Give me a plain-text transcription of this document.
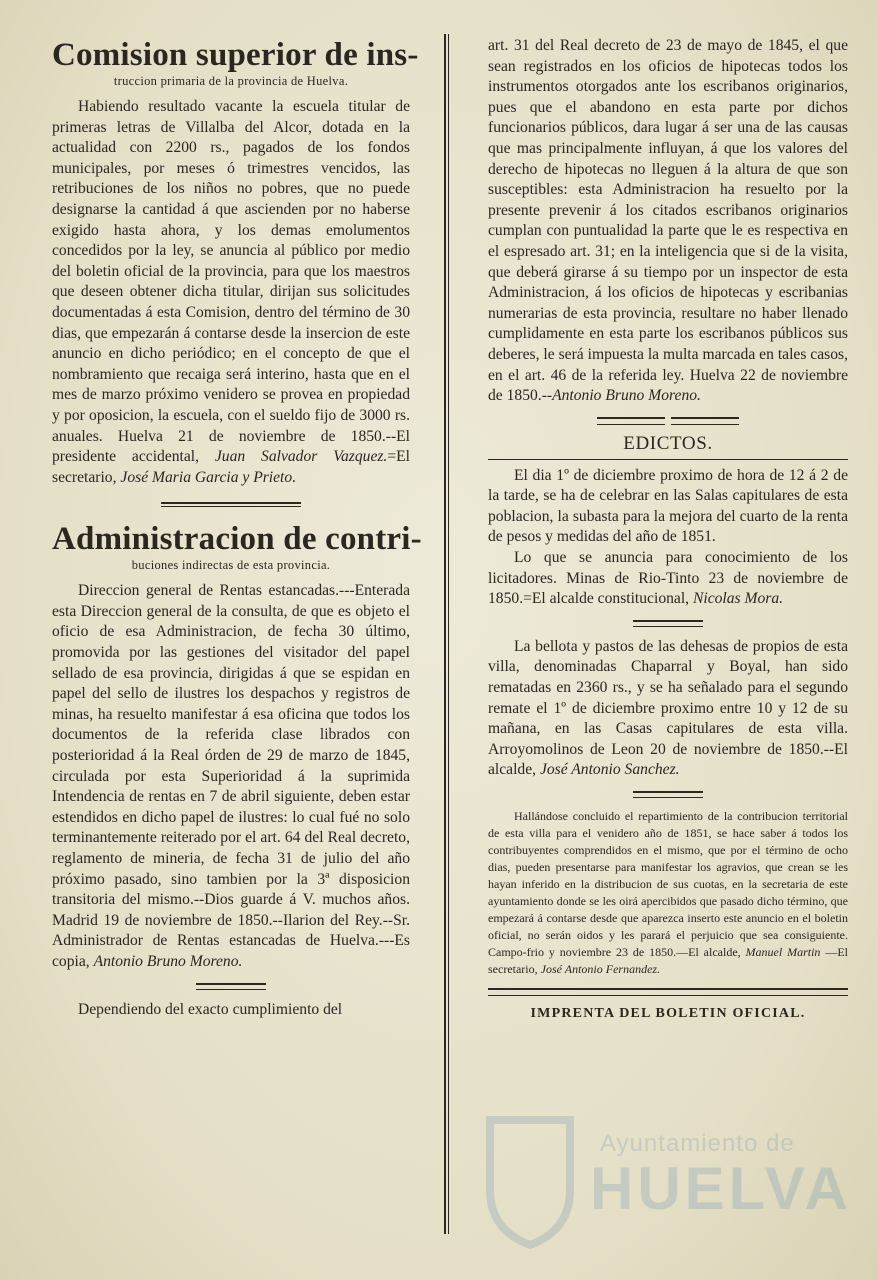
Comision superior de ins-
truccion primaria de la provincia de Huelva.

Habiendo resultado vacante la escuela titular de primeras letras de Villalba del Alcor, dotada en la actualidad con 2200 rs., pagados de los fondos municipales, por meses ó trimestres vencidos, las retribuciones de los niños no pobres, que no puede designarse la cantidad á que ascienden por no haberse exigido hasta ahora, y los demas emolumentos concedidos por la ley, se anuncia al público por medio del boletin oficial de la provincia, para que los maestros que deseen obtener dicha titular, dirijan sus solicitudes documentadas á esta Comision, dentro del término de 30 dias, que empezarán á contarse desde la insercion de este anuncio en dicho periódico; en el concepto de que el nombramiento que recaiga será interino, hasta que en el mes de marzo próximo venidero se provea en propiedad y por oposicion, la escuela, con el sueldo fijo de 3000 rs. anuales. Huelva 21 de noviembre de 1850.--El presidente accidental, Juan Salvador Vazquez.=El secretario, José Maria Garcia y Prieto.

Administracion de contri-
buciones indirectas de esta provincia.

Direccion general de Rentas estancadas.---Enterada esta Direccion general de la consulta, de que es objeto el oficio de esa Administracion, de fecha 30 último, promovida por las gestiones del visitador del papel sellado de esa provincia, dirigidas á que se espidan en papel del sello de ilustres los despachos y registros de minas, ha resuelto manifestar á esa oficina que todos los documentos de la referida clase librados con posterioridad á la Real órden de 29 de marzo de 1845, circulada por esta Superioridad á la suprimida Intendencia de rentas en 7 de abril siguiente, deben estar estendidos en dicho papel de ilustres: lo cual fué no solo terminantemente reiterado por el art. 64 del Real decreto, reglamento de mineria, de fecha 31 de julio del año próximo pasado, sino tambien por la 3ª disposicion transitoria del mismo.--Dios guarde á V. muchos años. Madrid 19 de noviembre de 1850.--Ilarion del Rey.--Sr. Administrador de Rentas estancadas de Huelva.---Es copia, Antonio Bruno Moreno.

Dependiendo del exacto cumplimiento del

art. 31 del Real decreto de 23 de mayo de 1845, el que sean registrados en los oficios de hipotecas todos los instrumentos otorgados ante los escribanos originarios, pues que el abandono en esta parte por dichos funcionarios públicos, dara lugar á ser una de las causas que mas principalmente influyan, á que los valores del derecho de hipotecas no lleguen á la altura de que son susceptibles: esta Administracion ha resuelto por la presente prevenir á los citados escribanos originarios cumplan con puntualidad la parte que le es respectiva en el espresado art. 31; en la inteligencia que si de la visita, que deberá girarse á su tiempo por un inspector de esta Administracion, á los oficios de hipotecas y escribanias numerarias de esta provincia, resultare no haber llenado cumplidamente en esta parte los escribanos públicos sus deberes, le será impuesta la multa marcada en tales casos, en el art. 46 de la referida ley. Huelva 22 de noviembre de 1850.--Antonio Bruno Moreno.

EDICTOS.

El dia 1º de diciembre proximo de hora de 12 á 2 de la tarde, se ha de celebrar en las Salas capitulares de esta poblacion, la subasta para la mejora del cuarto de la renta de pesos y medidas del año de 1851.

Lo que se anuncia para conocimiento de los licitadores. Minas de Rio-Tinto 23 de noviembre de 1850.=El alcalde constitucional, Nicolas Mora.

La bellota y pastos de las dehesas de propios de esta villa, denominadas Chaparral y Boyal, han sido rematadas en 2360 rs., y se ha señalado para el segundo remate el 1º de diciembre proximo entre 10 y 12 de su mañana, en las Casas capitulares de esta villa. Arroyomolinos de Leon 20 de noviembre de 1850.--El alcalde, José Antonio Sanchez.

Hallándose concluido el repartimiento de la contribucion territorial de esta villa para el venidero año de 1851, se hace saber á todos los contribuyentes comprendidos en el mismo, que por el término de ocho dias, pueden presentarse para manifestar los agravios, que crean se les hayan inferido en la distribucion de sus cuotas, en la secretaria de este ayuntamiento donde se les oirá apercibidos que pasado dicho término, que empezará á contarse desde que aparezca inserto este anuncio en el boletin oficial, no serán oidos y les parará el perjuicio que sea consiguiente. Campo-frio y noviembre 23 de 1850.—El alcalde, Manuel Martin —El secretario, José Antonio Fernandez.

IMPRENTA DEL BOLETIN OFICIAL.
Ayuntamiento de
HUELVA
